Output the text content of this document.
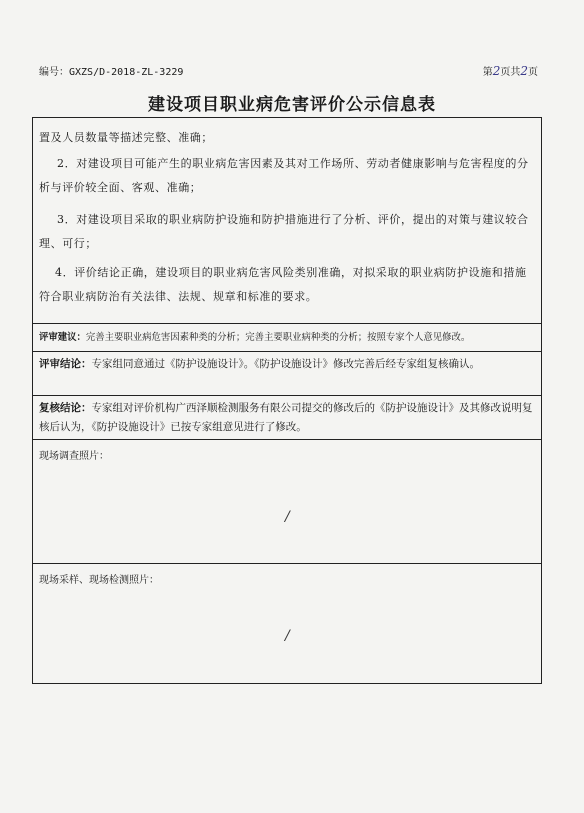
编号：GXZS/D-2018-ZL-3229	第2页共2页
建设项目职业病危害评价公示信息表
置及人员数量等描述完整、准确；
2．对建设项目可能产生的职业病危害因素及其对工作场所、劳动者健康影响与危害程度的分析与评价较全面、客观、准确；
3．对建设项目采取的职业病防护设施和防护措施进行了分析、评价，提出的对策与建议较合理、可行；
4．评价结论正确，建设项目的职业病危害风险类别准确，对拟采取的职业病防护设施和措施符合职业病防治有关法律、法规、规章和标准的要求。
评审建议：完善主要职业病危害因素种类的分析；完善主要职业病种类的分析；按照专家个人意见修改。
评审结论：专家组同意通过《防护设施设计》。《防护设施设计》修改完善后经专家组复核确认。
复核结论：专家组对评价机构广西泽顺检测服务有限公司提交的修改后的《防护设施设计》及其修改说明复核后认为，《防护设施设计》已按专家组意见进行了修改。
现场调查照片：
/
现场采样、现场检测照片：
/
